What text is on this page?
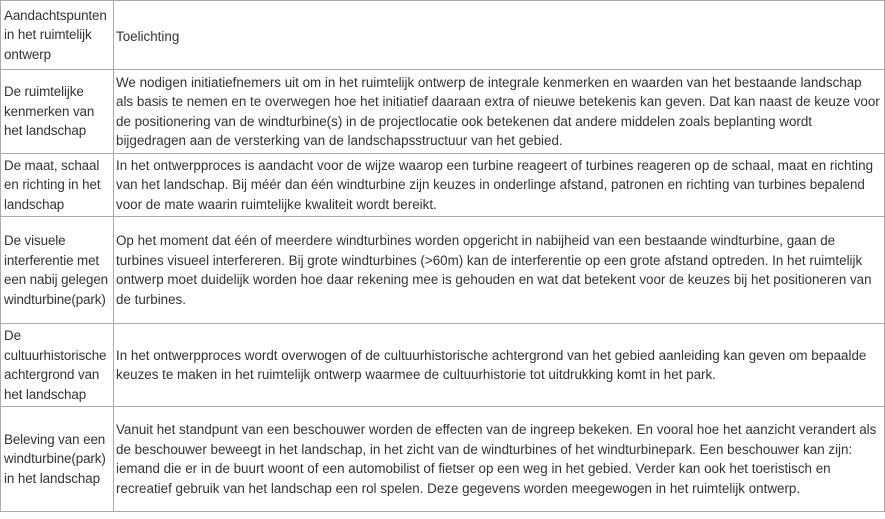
Aandachtspunten in het ruimtelijk ontwerp	Toelichting
De ruimtelijke kenmerken van het landschap	We nodigen initiatiefnemers uit om in het ruimtelijk ontwerp de integrale kenmerken en waarden van het bestaande landschap als basis te nemen en te overwegen hoe het initiatief daaraan extra of nieuwe betekenis kan geven. Dat kan naast de keuze voor de positionering van de windturbine(s) in de projectlocatie ook betekenen dat andere middelen zoals beplanting wordt bijgedragen aan de versterking van de landschapsstructuur van het gebied.
De maat, schaal en richting in het landschap	In het ontwerpproces is aandacht voor de wijze waarop een turbine reageert of turbines reageren op de schaal, maat en richting van het landschap. Bij méér dan één windturbine zijn keuzes in onderlinge afstand, patronen en richting van turbines bepalend voor de mate waarin ruimtelijke kwaliteit wordt bereikt.
De visuele interferentie met een nabij gelegen windturbine(park)	Op het moment dat één of meerdere windturbines worden opgericht in nabijheid van een bestaande windturbine, gaan de turbines visueel interfereren. Bij grote windturbines (>60m) kan de interferentie op een grote afstand optreden. In het ruimtelijk ontwerp moet duidelijk worden hoe daar rekening mee is gehouden en wat dat betekent voor de keuzes bij het positioneren van de turbines.
De cultuurhistorische achtergrond van het landschap	In het ontwerpproces wordt overwogen of de cultuurhistorische achtergrond van het gebied aanleiding kan geven om bepaalde keuzes te maken in het ruimtelijk ontwerp waarmee de cultuurhistorie tot uitdrukking komt in het park.
Beleving van een windturbine(park) in het landschap	Vanuit het standpunt van een beschouwer worden de effecten van de ingreep bekeken. En vooral hoe het aanzicht verandert als de beschouwer beweegt in het landschap, in het zicht van de windturbines of het windturbinepark. Een beschouwer kan zijn: iemand die er in de buurt woont of een automobilist of fietser op een weg in het gebied. Verder kan ook het toeristisch en recreatief gebruik van het landschap een rol spelen. Deze gegevens worden meegewogen in het ruimtelijk ontwerp.
